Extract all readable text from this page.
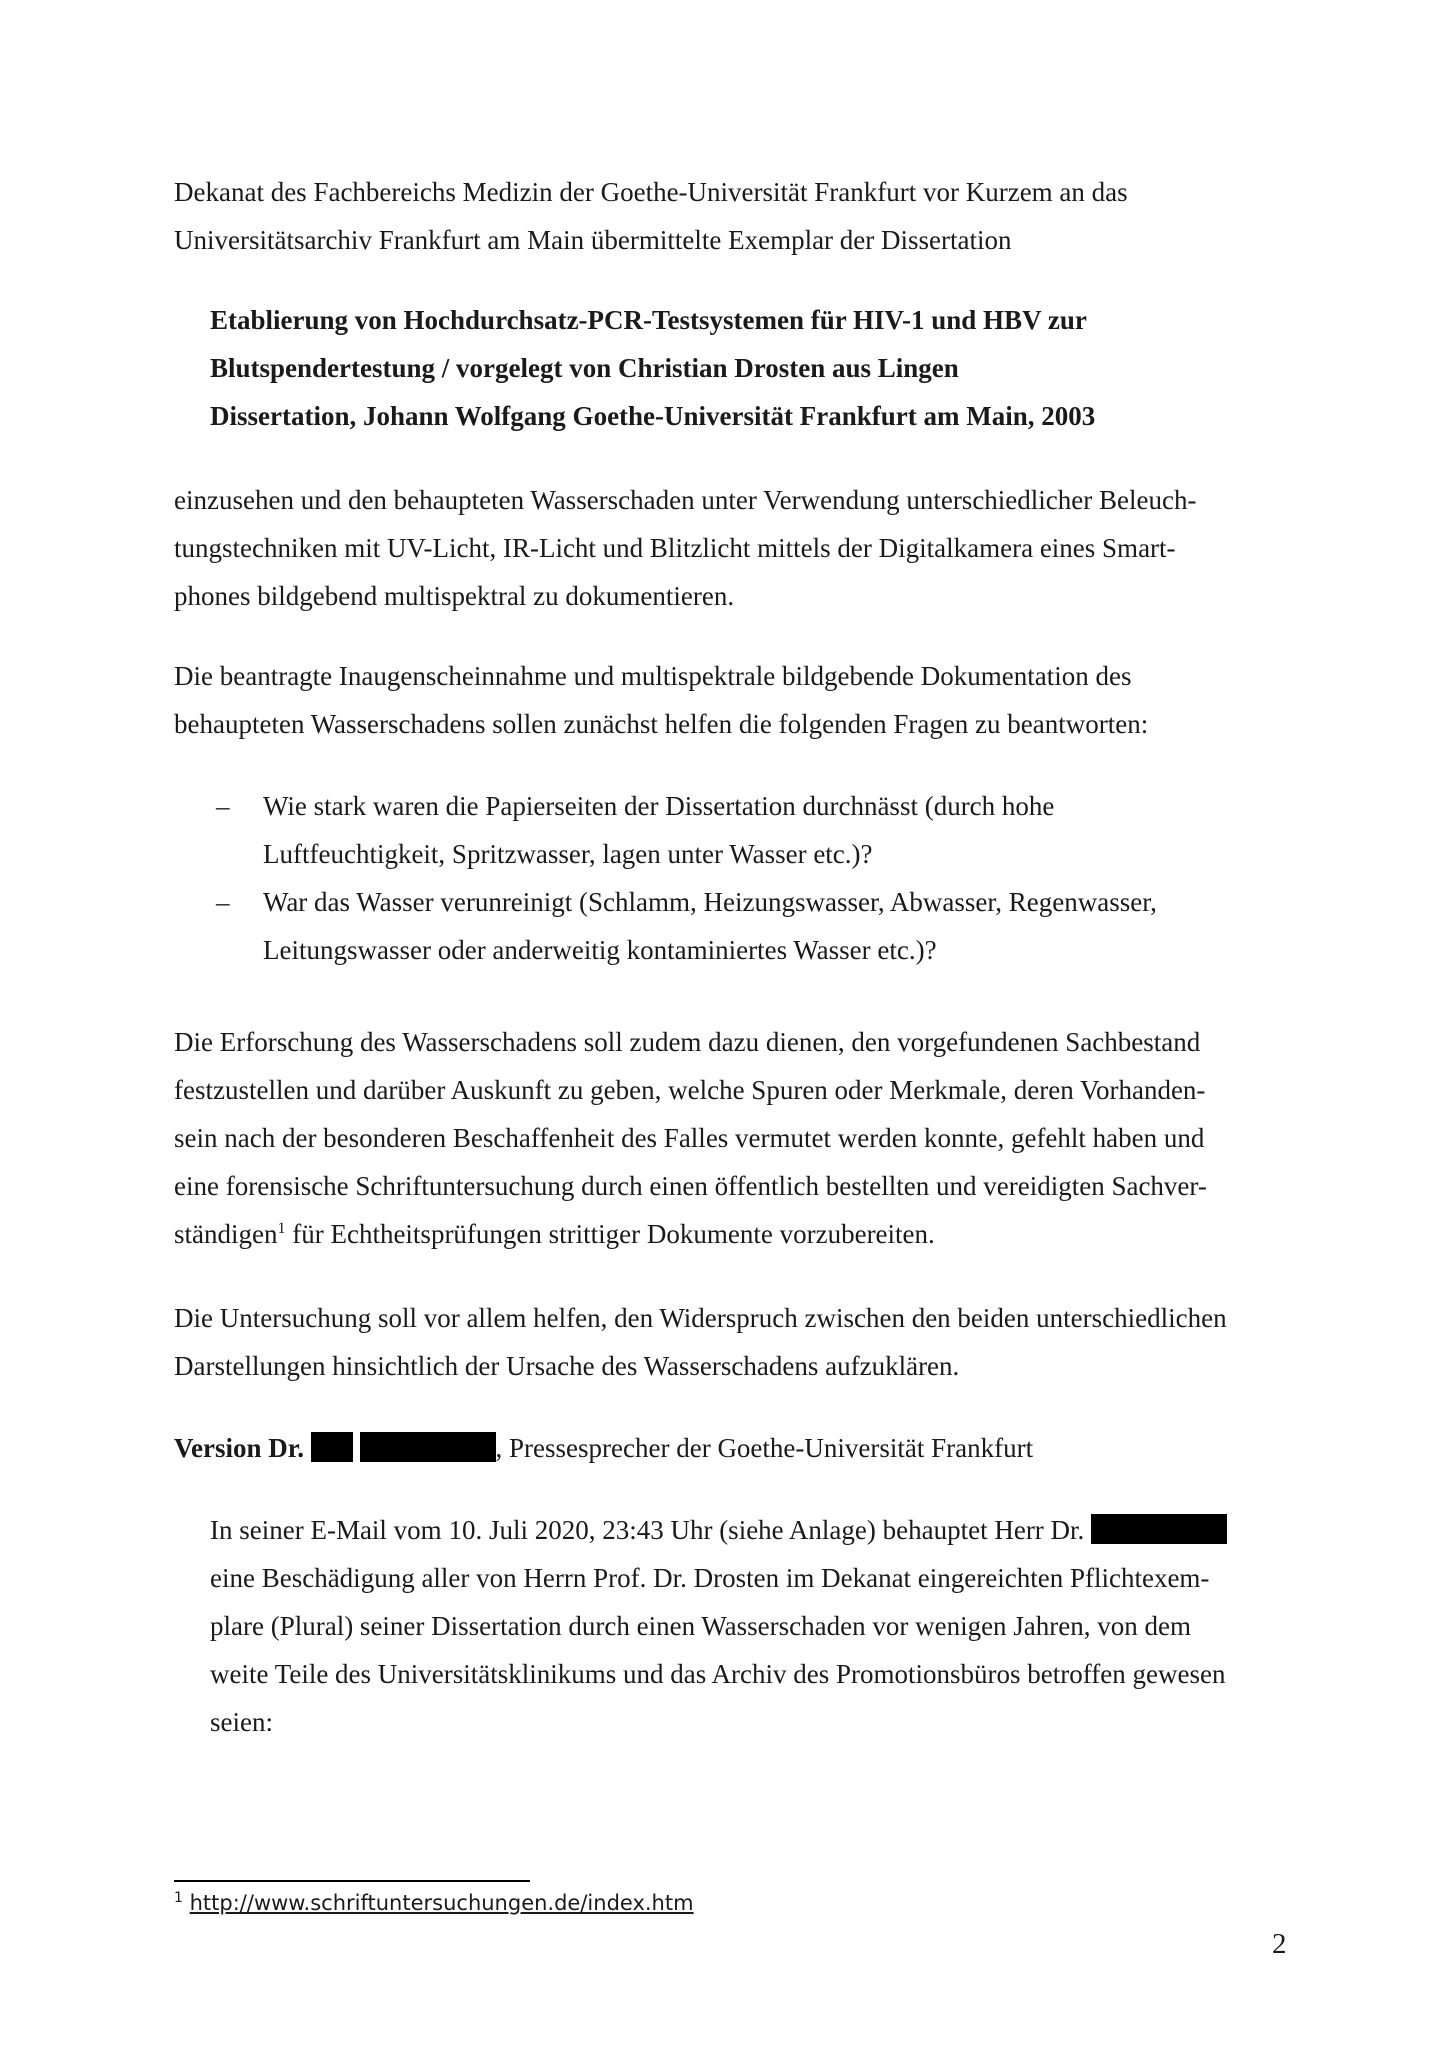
Dekanat des Fachbereichs Medizin der Goethe-Universität Frankfurt vor Kurzem an das
Universitätsarchiv Frankfurt am Main übermittelte Exemplar der Dissertation
Etablierung von Hochdurchsatz-PCR-Testsystemen für HIV-1 und HBV zur
Blutspendertestung / vorgelegt von Christian Drosten aus Lingen
Dissertation, Johann Wolfgang Goethe-Universität Frankfurt am Main, 2003
einzusehen und den behaupteten Wasserschaden unter Verwendung unterschiedlicher Beleuch-
tungstechniken mit UV-Licht, IR-Licht und Blitzlicht mittels der Digitalkamera eines Smart-
phones bildgebend multispektral zu dokumentieren.
Die beantragte Inaugenscheinnahme und multispektrale bildgebende Dokumentation des
behaupteten Wasserschadens sollen zunächst helfen die folgenden Fragen zu beantworten:
– Wie stark waren die Papierseiten der Dissertation durchnässt (durch hohe
Luftfeuchtigkeit, Spritzwasser, lagen unter Wasser etc.)?
– War das Wasser verunreinigt (Schlamm, Heizungswasser, Abwasser, Regenwasser,
Leitungswasser oder anderweitig kontaminiertes Wasser etc.)?
Die Erforschung des Wasserschadens soll zudem dazu dienen, den vorgefundenen Sachbestand
festzustellen und darüber Auskunft zu geben, welche Spuren oder Merkmale, deren Vorhanden-
sein nach der besonderen Beschaffenheit des Falles vermutet werden konnte, gefehlt haben und
eine forensische Schriftuntersuchung durch einen öffentlich bestellten und vereidigten Sachver-
ständigen$^1$ für Echtheitsprüfungen strittiger Dokumente vorzubereiten.
Die Untersuchung soll vor allem helfen, den Widerspruch zwischen den beiden unterschiedlichen
Darstellungen hinsichtlich der Ursache des Wasserschadens aufzuklären.
Version Dr.	, Pressesprecher der Goethe-Universität Frankfurt
In seiner E-Mail vom 10. Juli 2020, 23:43 Uhr (siehe Anlage) behauptet Herr Dr.
eine Beschädigung aller von Herrn Prof. Dr. Drosten im Dekanat eingereichten Pflichtexem-
plare (Plural) seiner Dissertation durch einen Wasserschaden vor wenigen Jahren, von dem
weite Teile des Universitätsklinikums und das Archiv des Promotionsbüros betroffen gewesen
seien:
$^1$ http://www.schriftuntersuchungen.de/index.htm
2
